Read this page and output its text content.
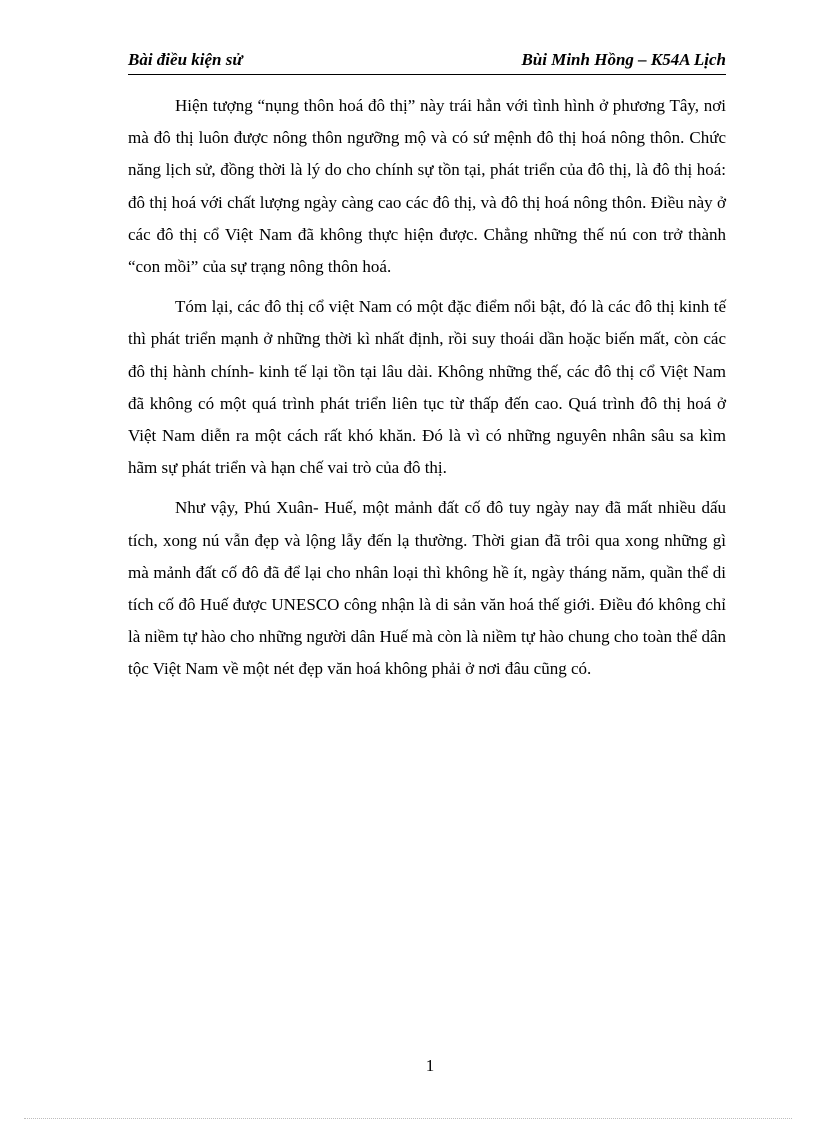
Bài điều kiện sử	Bùi Minh Hồng – K54A Lịch

Hiện tượng “nụng thôn hoá đô thị” này trái hẳn với tình hình ở phương Tây, nơi mà đô thị luôn được nông thôn ngưỡng mộ và có sứ mệnh đô thị hoá nông thôn. Chức năng lịch sử, đồng thời là lý do cho chính sự tồn tại, phát triển của đô thị, là đô thị hoá: đô thị hoá với chất lượng ngày càng cao các đô thị, và đô thị hoá nông thôn. Điều này ở các đô thị cổ Việt Nam đã không thực hiện được. Chẳng những thế nú con trở thành “con mồi” của sự trạng nông thôn hoá.

Tóm lại, các đô thị cổ việt Nam có một đặc điểm nổi bật, đó là các đô thị kinh tế thì phát triển mạnh ở những thời kì nhất định, rồi suy thoái dần hoặc biến mất, còn các đô thị hành chính- kinh tế lại tồn tại lâu dài. Không những thế, các đô thị cổ Việt Nam đã không có một quá trình phát triển liên tục từ thấp đến cao. Quá trình đô thị hoá ở Việt Nam diễn ra một cách rất khó khăn. Đó là vì có những nguyên nhân sâu sa kìm hãm sự phát triển và hạn chế vai trò của đô thị.

Như vậy, Phú Xuân- Huế, một mảnh đất cố đô tuy ngày nay đã mất nhiều dấu tích, xong nú vẫn đẹp và lộng lẫy đến lạ thường. Thời gian đã trôi qua xong những gì mà mảnh đất cố đô đã để lại cho nhân loại thì không hề ít, ngày tháng năm, quần thể di tích cố đô Huế được UNESCO công nhận là di sản văn hoá thế giới. Điều đó không chỉ là niềm tự hào cho những người dân Huế mà còn là niềm tự hào chung cho toàn thể dân tộc Việt Nam về một nét đẹp văn hoá không phải ở nơi đâu cũng có.

1
